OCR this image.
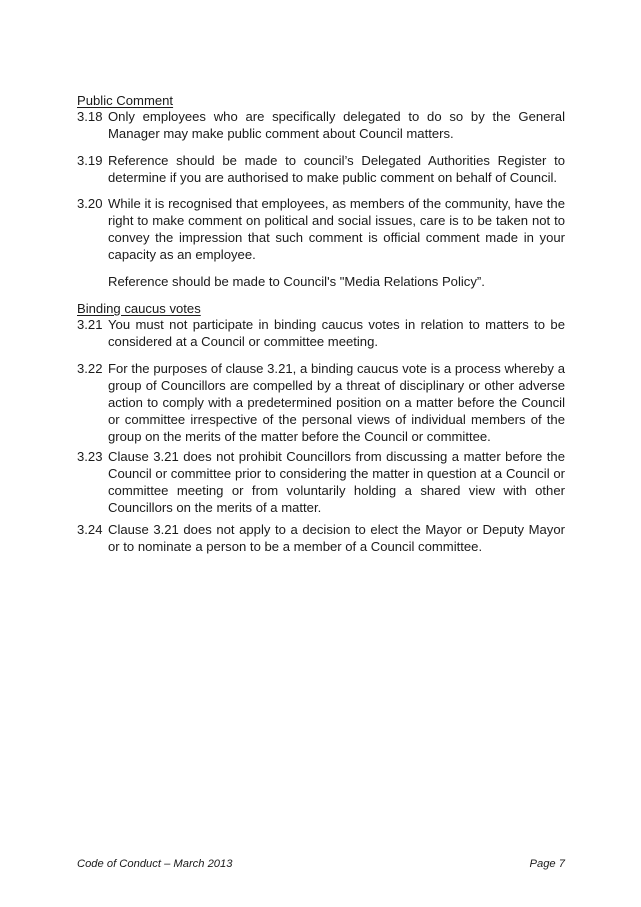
Public Comment
3.18 Only employees who are specifically delegated to do so by the General Manager may make public comment about Council matters.
3.19 Reference should be made to council’s Delegated Authorities Register to determine if you are authorised to make public comment on behalf of Council.
3.20 While it is recognised that employees, as members of the community, have the right to make comment on political and social issues, care is to be taken not to convey the impression that such comment is official comment made in your capacity as an employee.
Reference should be made to Council's "Media Relations Policy”.
Binding caucus votes
3.21 You must not participate in binding caucus votes in relation to matters to be considered at a Council or committee meeting.
3.22 For the purposes of clause 3.21, a binding caucus vote is a process whereby a group of Councillors are compelled by a threat of disciplinary or other adverse action to comply with a predetermined position on a matter before the Council or committee irrespective of the personal views of individual members of the group on the merits of the matter before the Council or committee.
3.23 Clause 3.21 does not prohibit Councillors from discussing a matter before the Council or committee prior to considering the matter in question at a Council or committee meeting or from voluntarily holding a shared view with other Councillors on the merits of a matter.
3.24 Clause 3.21 does not apply to a decision to elect the Mayor or Deputy Mayor or to nominate a person to be a member of a Council committee.
Code of Conduct – March 2013	Page 7
